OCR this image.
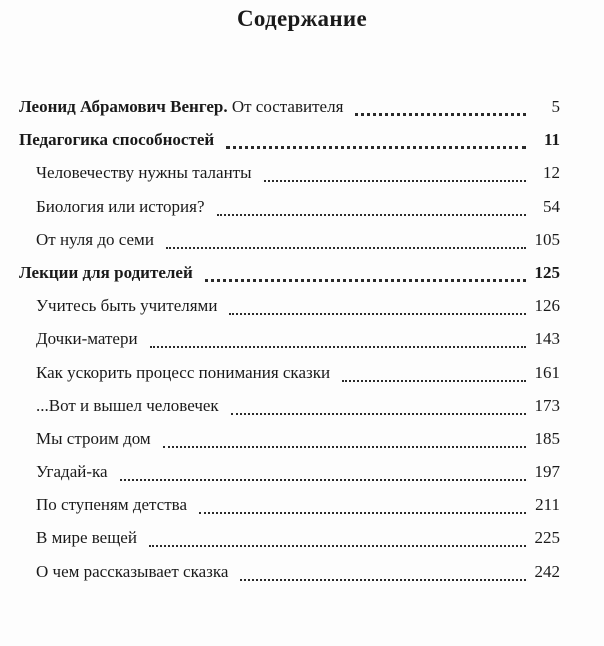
Содержание
Леонид Абрамович Венгер. От составителя	5
Педагогика способностей	11
Человечеству нужны таланты	12
Биология или история?	54
От нуля до семи	105
Лекции для родителей	125
Учитесь быть учителями	126
Дочки-матери	143
Как ускорить процесс понимания сказки	161
...Вот и вышел человечек	173
Мы строим дом	185
Угадай-ка	197
По ступеням детства	211
В мире вещей	225
О чем рассказывает сказка	242
